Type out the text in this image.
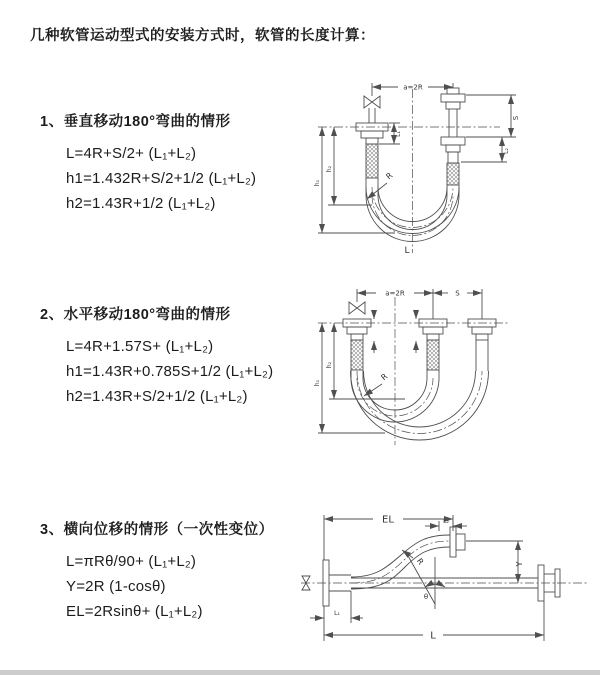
几种软管运动型式的安装方式时，软管的长度计算：

1、垂直移动180°弯曲的情形

L=4R+S/2+ (L₁+L₂)

h1=1.432R+S/2+1/2 (L₁+L₂)

h2=1.43R+1/2 (L₁+L₂)

a=2R
h₁
h₂
L₁
S
L₂
R
L

2、水平移动180°弯曲的情形

L=4R+1.57S+ (L₁+L₂)

h1=1.43R+0.785S+1/2 (L₁+L₂)

h2=1.43R+S/2+1/2 (L₁+L₂)

a=2R	S
h₁
h₂
R

3、横向位移的情形（一次性变位）

L=πRθ/90+ (L₁+L₂)

Y=2R (1-cosθ)

EL=2Rsinθ+ (L₁+L₂)

θ
EL	L₂
Y
L
L₁
R
